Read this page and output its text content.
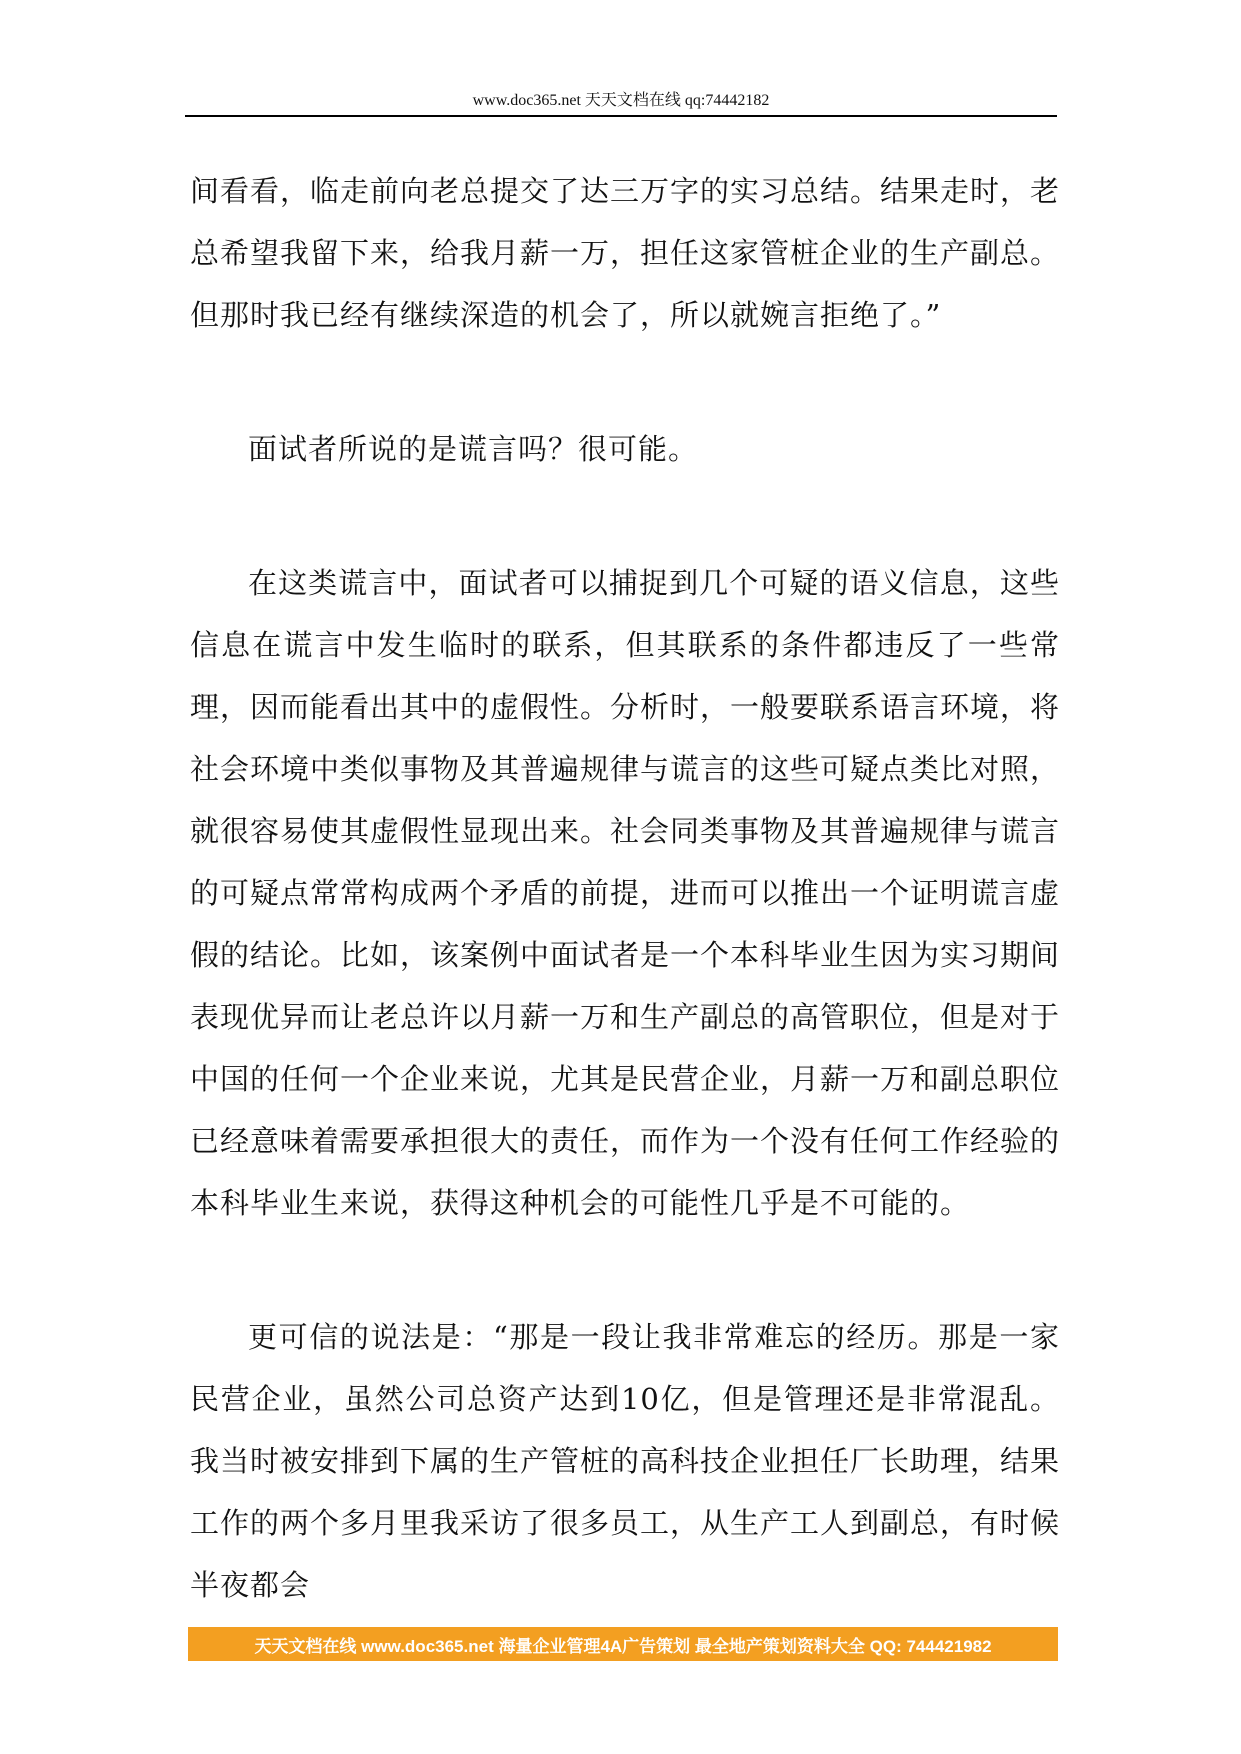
www.doc365.net 天天文档在线 qq:74442182

间看看，临走前向老总提交了达三万字的实习总结。结果走时，老总希望我留下来，给我月薪一万，担任这家管桩企业的生产副总。但那时我已经有继续深造的机会了，所以就婉言拒绝了。”

面试者所说的是谎言吗？很可能。

在这类谎言中，面试者可以捕捉到几个可疑的语义信息，这些信息在谎言中发生临时的联系，但其联系的条件都违反了一些常理，因而能看出其中的虚假性。分析时，一般要联系语言环境，将社会环境中类似事物及其普遍规律与谎言的这些可疑点类比对照，就很容易使其虚假性显现出来。社会同类事物及其普遍规律与谎言的可疑点常常构成两个矛盾的前提，进而可以推出一个证明谎言虚假的结论。比如，该案例中面试者是一个本科毕业生因为实习期间表现优异而让老总许以月薪一万和生产副总的高管职位，但是对于中国的任何一个企业来说，尤其是民营企业，月薪一万和副总职位已经意味着需要承担很大的责任，而作为一个没有任何工作经验的本科毕业生来说，获得这种机会的可能性几乎是不可能的。

更可信的说法是：“那是一段让我非常难忘的经历。那是一家民营企业，虽然公司总资产达到10亿，但是管理还是非常混乱。我当时被安排到下属的生产管桩的高科技企业担任厂长助理，结果工作的两个多月里我采访了很多员工，从生产工人到副总，有时候半夜都会

天天文档在线 www.doc365.net 海量企业管理4A广告策划 最全地产策划资料大全 QQ: 744421982
